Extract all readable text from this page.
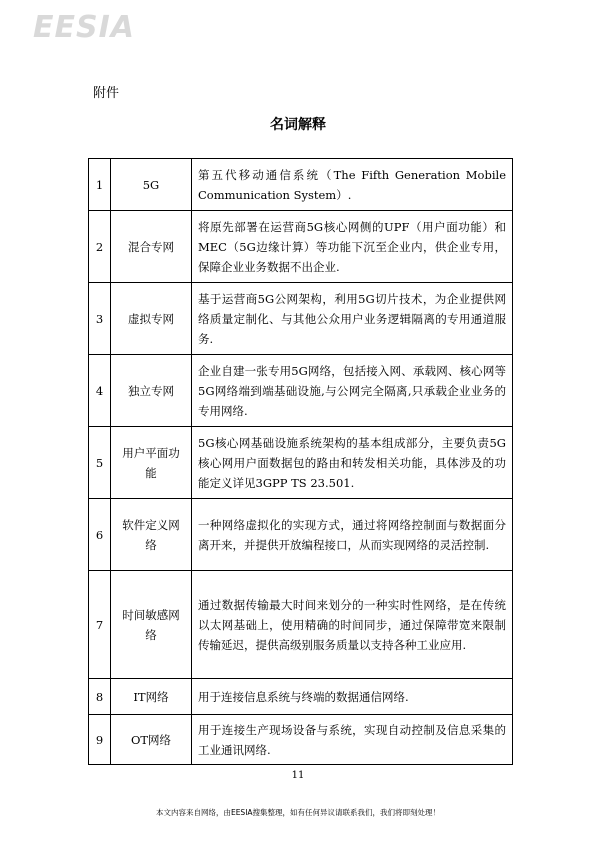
EESIA
附件
名词解释
1	5G	第五代移动通信系统（The Fifth Generation Mobile Communication System）.
2	混合专网	将原先部署在运营商5G核心网侧的UPF（用户面功能）和MEC（5G边缘计算）等功能下沉至企业内，供企业专用，保障企业业务数据不出企业.
3	虚拟专网	基于运营商5G公网架构，利用5G切片技术，为企业提供网络质量定制化、与其他公众用户业务逻辑隔离的专用通道服务.
4	独立专网	企业自建一张专用5G网络，包括接入网、承载网、核心网等5G网络端到端基础设施,与公网完全隔离,只承载企业业务的专用网络.
5	用户平面功能	5G核心网基础设施系统架构的基本组成部分，主要负责5G核心网用户面数据包的路由和转发相关功能，具体涉及的功能定义详见3GPP TS 23.501.
6	软件定义网络	一种网络虚拟化的实现方式，通过将网络控制面与数据面分离开来，并提供开放编程接口，从而实现网络的灵活控制.
7	时间敏感网络	通过数据传输最大时间来划分的一种实时性网络，是在传统以太网基础上，使用精确的时间同步，通过保障带宽来限制传输延迟，提供高级别服务质量以支持各种工业应用.
8	IT网络	用于连接信息系统与终端的数据通信网络.
9	OT网络	用于连接生产现场设备与系统，实现自动控制及信息采集的工业通讯网络.
11
本文内容来自网络，由EESIA搜集整理，如有任何异议请联系我们，我们将即刻处理！
